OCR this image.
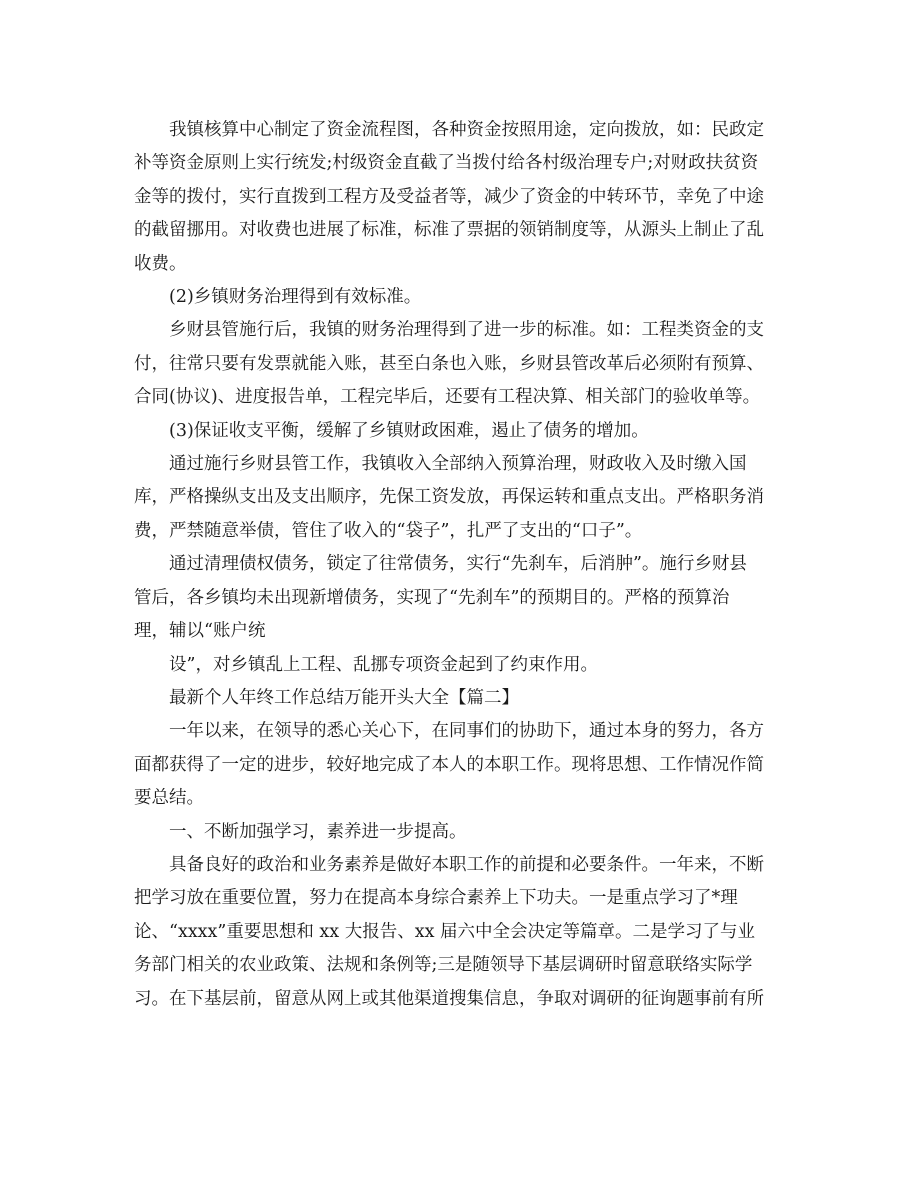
我镇核算中心制定了资金流程图，各种资金按照用途，定向拨放，如：民政定
补等资金原则上实行统发;村级资金直截了当拨付给各村级治理专户;对财政扶贫资
金等的拨付，实行直拨到工程方及受益者等，减少了资金的中转环节，幸免了中途
的截留挪用。对收费也进展了标准，标准了票据的领销制度等，从源头上制止了乱
收费。
(2)乡镇财务治理得到有效标准。
乡财县管施行后，我镇的财务治理得到了进一步的标准。如：工程类资金的支
付，往常只要有发票就能入账，甚至白条也入账，乡财县管改革后必须附有预算、
合同(协议)、进度报告单，工程完毕后，还要有工程决算、相关部门的验收单等。
(3)保证收支平衡，缓解了乡镇财政困难，遏止了债务的增加。
通过施行乡财县管工作，我镇收入全部纳入预算治理，财政收入及时缴入国
库，严格操纵支出及支出顺序，先保工资发放，再保运转和重点支出。严格职务消
费，严禁随意举债，管住了收入的“袋子”，扎严了支出的“口子”。
通过清理债权债务，锁定了往常债务，实行“先刹车，后消肿”。施行乡财县
管后，各乡镇均未出现新增债务，实现了“先刹车”的预期目的。严格的预算治
理，辅以“账户统
设”，对乡镇乱上工程、乱挪专项资金起到了约束作用。
最新个人年终工作总结万能开头大全【篇二】
一年以来，在领导的悉心关心下，在同事们的协助下，通过本身的努力，各方
面都获得了一定的进步，较好地完成了本人的本职工作。现将思想、工作情况作简
要总结。
一、不断加强学习，素养进一步提高。
具备良好的政治和业务素养是做好本职工作的前提和必要条件。一年来，不断
把学习放在重要位置，努力在提高本身综合素养上下功夫。一是重点学习了*理
论、“xxxx”重要思想和 xx 大报告、xx 届六中全会决定等篇章。二是学习了与业
务部门相关的农业政策、法规和条例等;三是随领导下基层调研时留意联络实际学
习。在下基层前，留意从网上或其他渠道搜集信息，争取对调研的征询题事前有所
